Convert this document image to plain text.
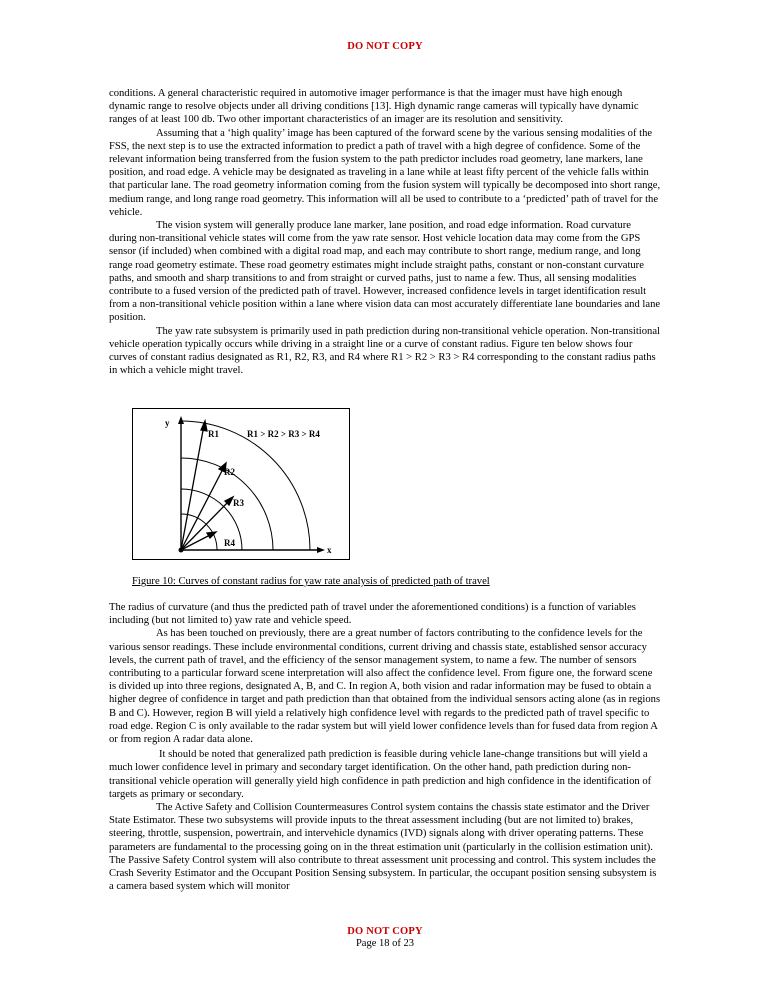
DO NOT COPY

conditions. A general characteristic required in automotive imager performance is that the imager must have high enough dynamic range to resolve objects under all driving conditions [13]. High dynamic range cameras will typically have dynamic ranges of at least 100 db. Two other important characteristics of an imager are its resolution and sensitivity.

Assuming that a ‘high quality’ image has been captured of the forward scene by the various sensing modalities of the FSS, the next step is to use the extracted information to predict a path of travel with a high degree of confidence. Some of the relevant information being transferred from the fusion system to the path predictor includes road geometry, lane markers, lane position, and road edge. A vehicle may be designated as traveling in a lane while at least fifty percent of the vehicle falls within that particular lane. The road geometry information coming from the fusion system will typically be decomposed into short range, medium range, and long range road geometry. This information will all be used to contribute to a ‘predicted’ path of travel for the vehicle.

The vision system will generally produce lane marker, lane position, and road edge information. Road curvature during non-transitional vehicle states will come from the yaw rate sensor. Host vehicle location data may come from the GPS sensor (if included) when combined with a digital road map, and each may contribute to short range, medium range, and long range road geometry estimate. These road geometry estimates might include straight paths, constant or non-constant curvature paths, and smooth and sharp transitions to and from straight or curved paths, just to name a few. Thus, all sensing modalities contribute to a fused version of the predicted path of travel. However, increased confidence levels in target identification result from a non-transitional vehicle position within a lane where vision data can most accurately differentiate lane boundaries and lane position.

The yaw rate subsystem is primarily used in path prediction during non-transitional vehicle operation. Non-transitional vehicle operation typically occurs while driving in a straight line or a curve of constant radius. Figure ten below shows four curves of constant radius designated as R1, R2, R3, and R4 where R1 > R2 > R3 > R4 corresponding to the constant radius paths in which a vehicle might travel.

y
x
R1	R1 > R2 > R3 > R4
R2
R3
R4
Figure 10: Curves of constant radius for yaw rate analysis of predicted path of travel

The radius of curvature (and thus the predicted path of travel under the aforementioned conditions) is a function of variables including (but not limited to) yaw rate and vehicle speed.

As has been touched on previously, there are a great number of factors contributing to the confidence levels for the various sensor readings. These include environmental conditions, current driving and chassis state, established sensor accuracy levels, the current path of travel, and the efficiency of the sensor management system, to name a few. The number of sensors contributing to a particular forward scene interpretation will also affect the confidence level. From figure one, the forward scene is divided up into three regions, designated A, B, and C. In region A, both vision and radar information may be fused to obtain a higher degree of confidence in target and path prediction than that obtained from the individual sensors acting alone (as in regions B and C). However, region B will yield a relatively high confidence level with regards to the predicted path of travel specific to road edge. Region C is only available to the radar system but will yield lower confidence levels than for fused data from region A or from region A radar data alone.

It should be noted that generalized path prediction is feasible during vehicle lane-change transitions but will yield a much lower confidence level in primary and secondary target identification. On the other hand, path prediction during non-transitional vehicle operation will generally yield high confidence in path prediction and high confidence in the identification of targets as primary or secondary.

The Active Safety and Collision Countermeasures Control system contains the chassis state estimator and the Driver State Estimator. These two subsystems will provide inputs to the threat assessment including (but are not limited to) brakes, steering, throttle, suspension, powertrain, and intervehicle dynamics (IVD) signals along with driver operating patterns. These parameters are fundamental to the processing going on in the threat estimation unit (particularly in the collision estimation unit). The Passive Safety Control system will also contribute to threat assessment unit processing and control. This system includes the Crash Severity Estimator and the Occupant Position Sensing subsystem. In particular, the occupant position sensing subsystem is a camera based system which will monitor

DO NOT COPY
Page 18 of 23
